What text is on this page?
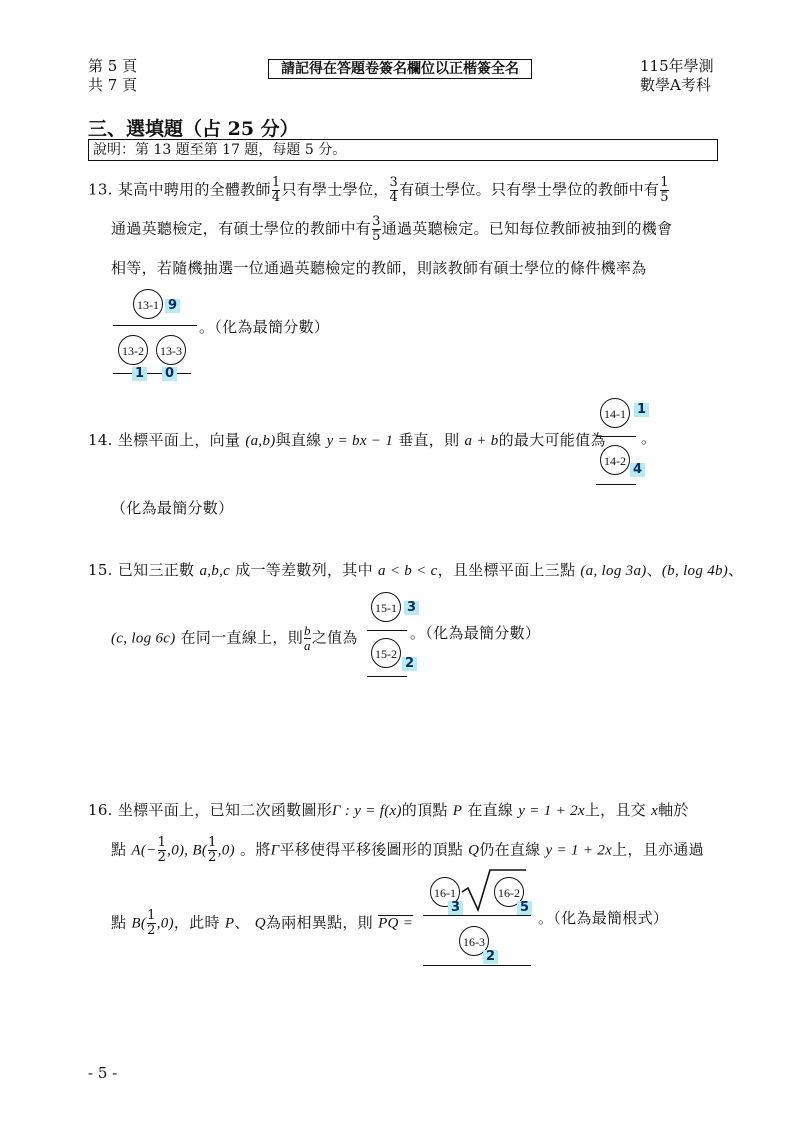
第 5 頁
共 7 頁
請記得在答題卷簽名欄位以正楷簽全名	115年學測
數學A考科
三、選填題（占 25 分）
說明：第 13 題至第 17 題，每題 5 分。
13. 某高中聘用的全體教師 $\frac{1}{4}$ 只有學士學位， $\frac{3}{4}$ 有碩士學位。只有學士學位的教師中有 $\frac{1}{5}$
通過英聽檢定，有碩士學位的教師中有 $\frac{3}{5}$ 通過英聽檢定。已知每位教師被抽到的機會
相等，若隨機抽選一位通過英聽檢定的教師，則該教師有碩士學位的條件機率為
13-1 9
。（化為最簡分數）
13-2	13-3
1 0
14. 坐標平面上，向量 (a,b)與直線 y = bx − 1 垂直，則 a + b的最大可能值為
14-1 1
。
14-2
4
（化為最簡分數）
15. 已知三正數 a,b,c 成一等差數列，其中 a < b < c，且坐標平面上三點 (a, log 3a)、(b, log 4b)、
(c, log 6c) 在同一直線上，則 $\frac{b}{a}$ 之值為
15-1 3
。（化為最簡分數）
15-2
2
16. 坐標平面上，已知二次函數圖形Γ : y = f(x)的頂點 P 在直線 y = 1 + 2x上，且交 x軸於
點 $A(- \frac{1}{2} ,0)$, $B( \frac{1}{2} ,0)$ 。將Γ平移使得平移後圖形的頂點 Q仍在直線 y = 1 + 2x上，且亦通過
點 $B( \frac{1}{2} ,0)$，此時 P、 Q為兩相異點，則 PQ =
16-1
3
16-2
5
。（化為最簡根式）
16-3
2
- 5 -
